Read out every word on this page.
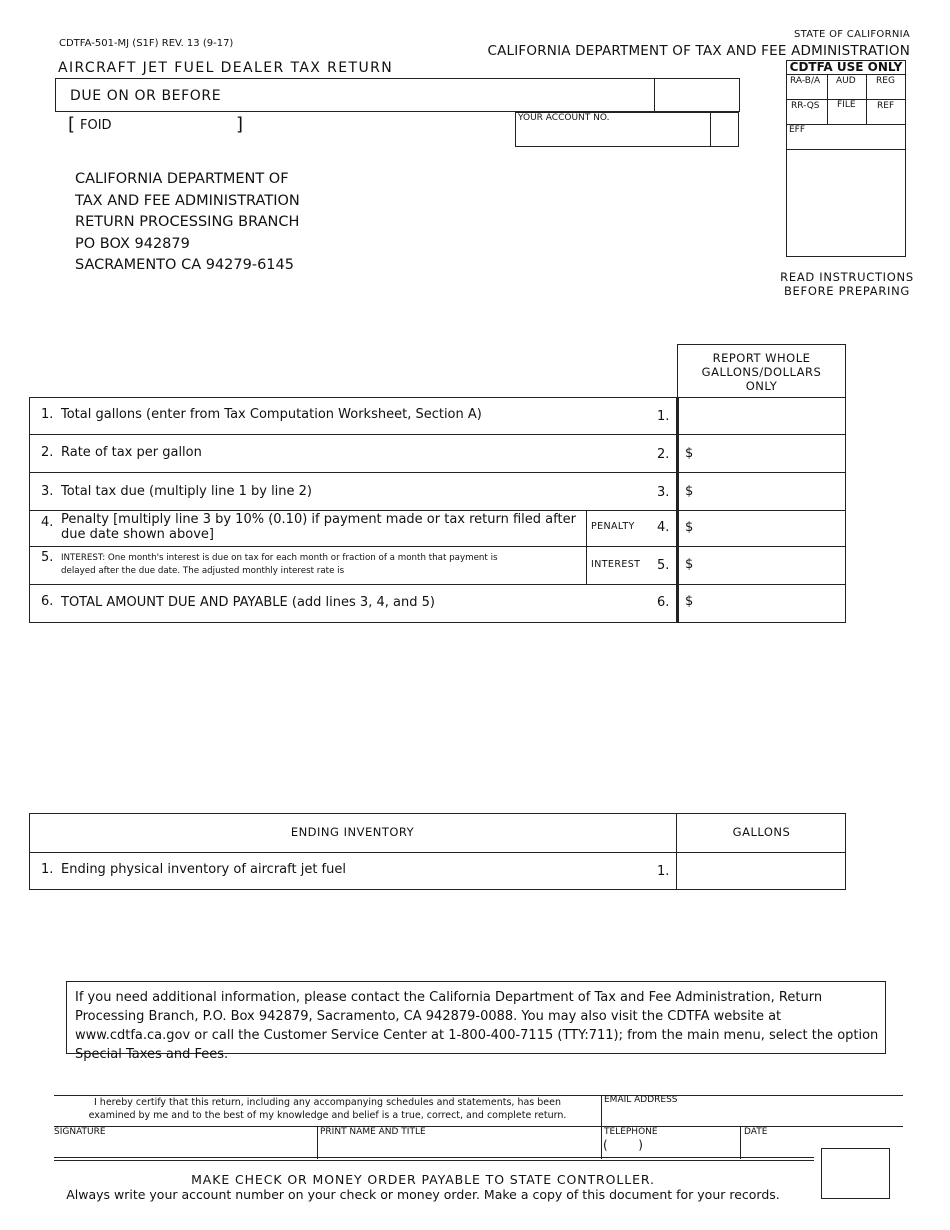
CDTFA-501-MJ (S1F) REV. 13 (9-17)
STATE OF CALIFORNIA
CALIFORNIA DEPARTMENT OF TAX AND FEE ADMINISTRATION
AIRCRAFT JET FUEL DEALER TAX RETURN
DUE ON OR BEFORE
[ FOID	]	YOUR ACCOUNT NO.
CDTFA USE ONLY
RA-B/A AUD REG
RR-QS FILE REF
EFF
READ INSTRUCTIONS
BEFORE PREPARING
CALIFORNIA DEPARTMENT OF
TAX AND FEE ADMINISTRATION
RETURN PROCESSING BRANCH
PO BOX 942879
SACRAMENTO CA 94279-6145
REPORT WHOLE
GALLONS/DOLLARS
ONLY
1. Total gallons (enter from Tax Computation Worksheet, Section A)	1.
2. Rate of tax per gallon	2. $
3. Total tax due (multiply line 1 by line 2)	3. $
4. Penalty [multiply line 3 by 10% (0.10) if payment made or tax return filed after
due date shown above]
PENALTY 4. $
5. INTEREST: One month's interest is due on tax for each month or fraction of a month that payment is
delayed after the due date. The adjusted monthly interest rate is
INTEREST 5. $
6. TOTAL AMOUNT DUE AND PAYABLE (add lines 3, 4, and 5)	6. $
ENDING INVENTORY	GALLONS
1. Ending physical inventory of aircraft jet fuel	1.
If you need additional information, please contact the California Department of Tax and Fee Administration, Return Processing Branch, P.O. Box 942879, Sacramento, CA 942879-0088. You may also visit the CDTFA website at www.cdtfa.ca.gov or call the Customer Service Center at 1-800-400-7115 (TTY:711); from the main menu, select the option Special Taxes and Fees.
I hereby certify that this return, including any accompanying schedules and statements, has been
examined by me and to the best of my knowledge and belief is a true, correct, and complete return.
EMAIL ADDRESS
SIGNATURE	PRINT NAME AND TITLE	TELEPHONE
(        )
DATE
MAKE CHECK OR MONEY ORDER PAYABLE TO STATE CONTROLLER.
Always write your account number on your check or money order. Make a copy of this document for your records.
